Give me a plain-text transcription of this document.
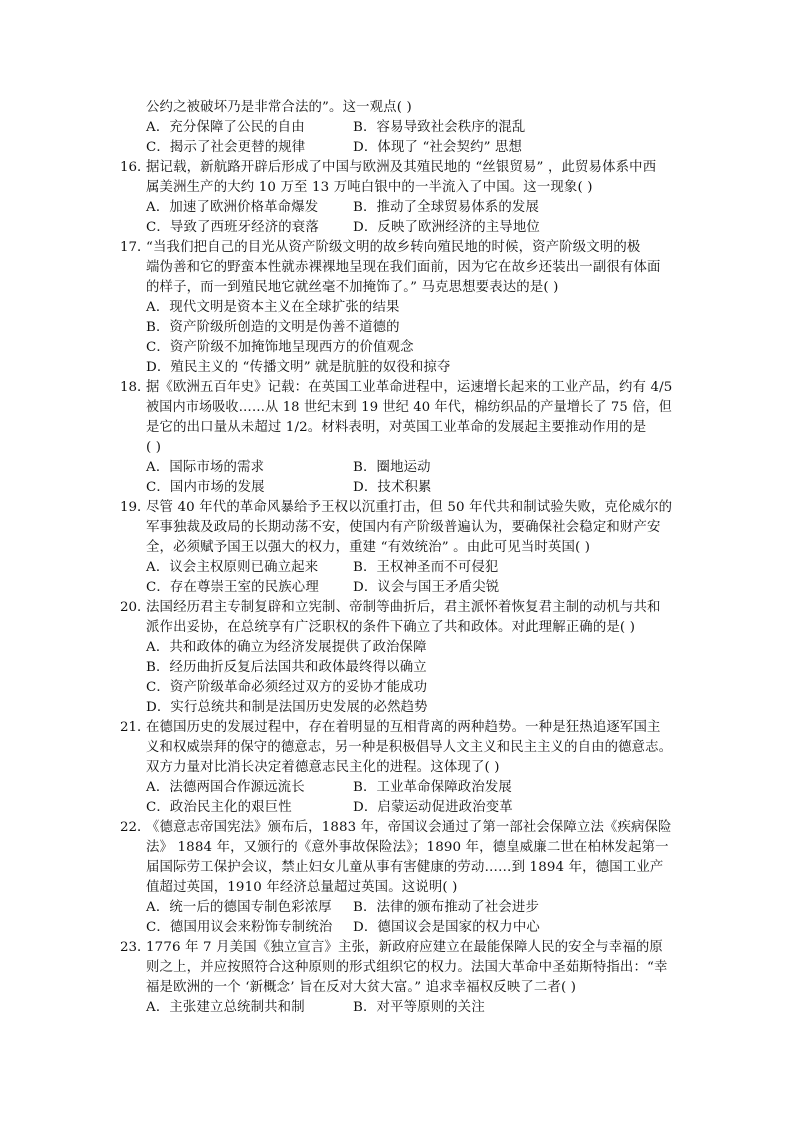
公约之被破坏乃是非常合法的”。这一观点( )
A．充分保障了公民的自由	B．容易导致社会秩序的混乱
C．揭示了社会更替的规律	D．体现了 “社会契约” 思想
16．
据记载，新航路开辟后形成了中国与欧洲及其殖民地的 “丝银贸易” ，此贸易体系中西
属美洲生产的大约 10 万至 13 万吨白银中的一半流入了中国。这一现象( )
A．加速了欧洲价格革命爆发	B．推动了全球贸易体系的发展
C．导致了西班牙经济的衰落	D．反映了欧洲经济的主导地位
17．
“当我们把自己的目光从资产阶级文明的故乡转向殖民地的时候，资产阶级文明的极
端伪善和它的野蛮本性就赤裸裸地呈现在我们面前，因为它在故乡还装出一副很有体面
的样子，而一到殖民地它就丝毫不加掩饰了。” 马克思想要表达的是( )
A．现代文明是资本主义在全球扩张的结果
B．资产阶级所创造的文明是伪善不道德的
C．资产阶级不加掩饰地呈现西方的价值观念
D．殖民主义的 “传播文明” 就是肮脏的奴役和掠夺
18．
据《欧洲五百年史》记载：在英国工业革命进程中，运速增长起来的工业产品，约有 4/5
被国内市场吸收……从 18 世纪末到 19 世纪 40 年代，棉纺织品的产量增长了 75 倍，但
是它的出口量从未超过 1/2。材料表明，对英国工业革命的发展起主要推动作用的是
( )
A．国际市场的需求	B．圈地运动
C．国内市场的发展	D．技术积累
19．
尽管 40 年代的革命风暴给予王权以沉重打击，但 50 年代共和制试验失败，克伦威尔的
军事独裁及政局的长期动荡不安，使国内有产阶级普遍认为，要确保社会稳定和财产安
全，必须赋予国王以强大的权力，重建 “有效统治” 。由此可见当时英国( )
A．议会主权原则已确立起来	B．王权神圣而不可侵犯
C．存在尊崇王室的民族心理	D．议会与国王矛盾尖锐
20．
法国经历君主专制复辟和立宪制、帝制等曲折后，君主派怀着恢复君主制的动机与共和
派作出妥协，在总统享有广泛职权的条件下确立了共和政体。对此理解正确的是( )
A．共和政体的确立为经济发展提供了政治保障
B．经历曲折反复后法国共和政体最终得以确立
C．资产阶级革命必须经过双方的妥协才能成功
D．实行总统共和制是法国历史发展的必然趋势
21．
在德国历史的发展过程中，存在着明显的互相背离的两种趋势。一种是狂热追逐军国主
义和权威崇拜的保守的德意志，另一种是积极倡导人文主义和民主主义的自由的德意志。
双方力量对比消长决定着德意志民主化的进程。这体现了( )
A．法德两国合作源远流长	B．工业革命保障政治发展
C．政治民主化的艰巨性	D．启蒙运动促进政治变革
22．
《德意志帝国宪法》颁布后，1883 年，帝国议会通过了第一部社会保障立法《疾病保险
法》 1884 年，又颁行的《意外事故保险法》；1890 年，德皇威廉二世在柏林发起第一
届国际劳工保护会议，禁止妇女儿童从事有害健康的劳动……到 1894 年，德国工业产
值超过英国，1910 年经济总量超过英国。这说明( )
A．统一后的德国专制色彩浓厚 B．法律的颁布推动了社会进步
C．德国用议会来粉饰专制统治 D．德国议会是国家的权力中心
23．
1776 年 7 月美国《独立宣言》主张，新政府应建立在最能保障人民的安全与幸福的原
则之上，并应按照符合这种原则的形式组织它的权力。法国大革命中圣茹斯特指出：“幸
福是欧洲的一个 ‘新概念’ 旨在反对大贫大富。” 追求幸福权反映了二者( )
A．主张建立总统制共和制	B．对平等原则的关注
